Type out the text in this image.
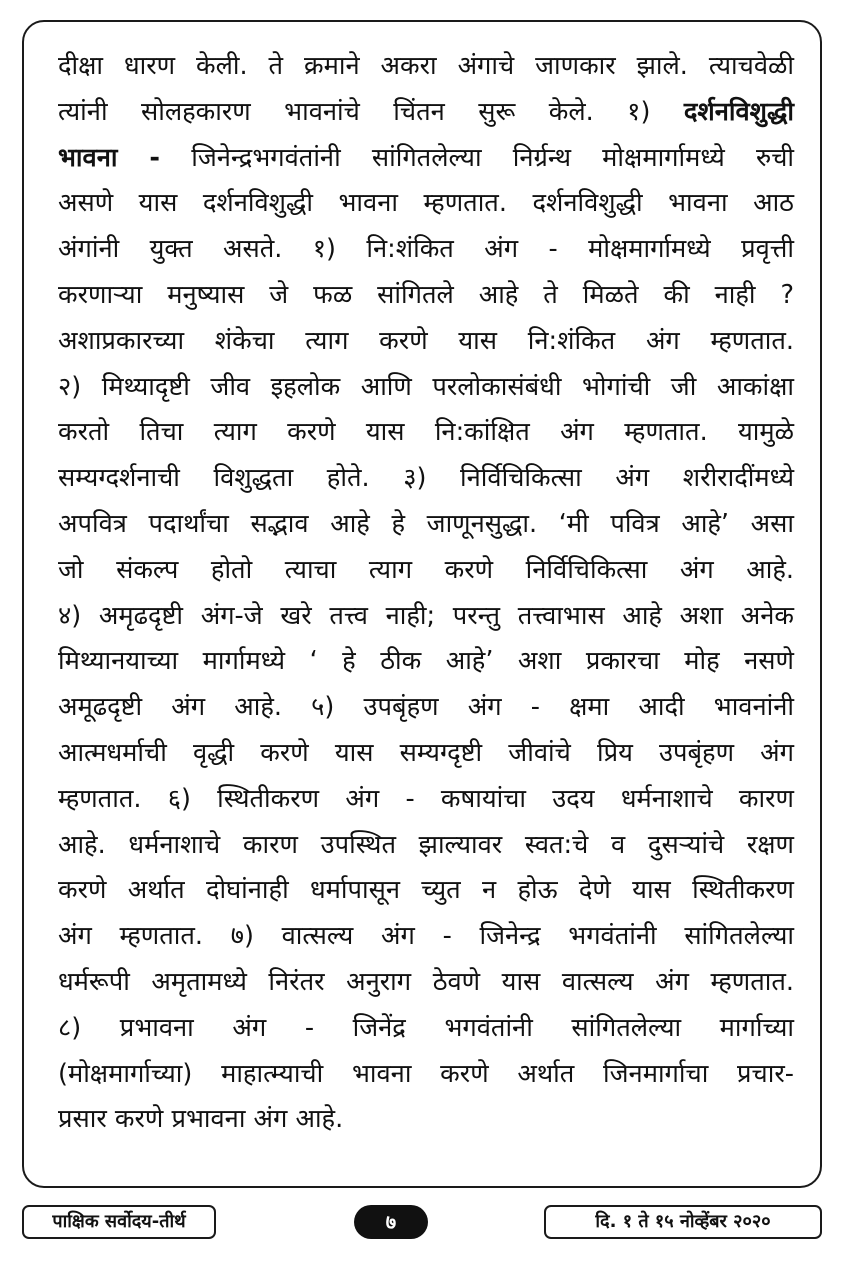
दीक्षा धारण केली. ते क्रमाने अकरा अंगाचे जाणकार झाले. त्याचवेळी
त्यांनी सोलहकारण भावनांचे चिंतन सुरू केले. १) दर्शनविशुद्धी
भावना - जिनेन्द्रभगवंतांनी सांगितलेल्या निर्ग्रन्थ मोक्षमार्गामध्ये रुची
असणे यास दर्शनविशुद्धी भावना म्हणतात. दर्शनविशुद्धी भावना आठ
अंगांनी युक्त असते. १) नि:शंकित अंग - मोक्षमार्गामध्ये प्रवृत्ती
करणाऱ्या मनुष्यास जे फळ सांगितले आहे ते मिळते की नाही ?
अशाप्रकारच्या शंकेचा त्याग करणे यास नि:शंकित अंग म्हणतात.
२) मिथ्यादृष्टी जीव इहलोक आणि परलोकासंबंधी भोगांची जी आकांक्षा
करतो तिचा त्याग करणे यास नि:कांक्षित अंग म्हणतात. यामुळे
सम्यग्दर्शनाची विशुद्धता होते. ३) निर्विचिकित्सा अंग शरीरादींमध्ये
अपवित्र पदार्थांचा सद्भाव आहे हे जाणूनसुद्धा. ‘मी पवित्र आहे’ असा
जो संकल्प होतो त्याचा त्याग करणे निर्विचिकित्सा अंग आहे.
४) अमृढदृष्टी अंग-जे खरे तत्त्व नाही; परन्तु तत्त्वाभास आहे अशा अनेक
मिथ्यानयाच्या मार्गामध्ये ‘ हे ठीक आहे’ अशा प्रकारचा मोह नसणे
अमूढदृष्टी अंग आहे. ५) उपबृंहण अंग - क्षमा आदी भावनांनी
आत्मधर्माची वृद्धी करणे यास सम्यग्दृष्टी जीवांचे प्रिय उपबृंहण अंग
म्हणतात. ६) स्थितीकरण अंग - कषायांचा उदय धर्मनाशाचे कारण
आहे. धर्मनाशाचे कारण उपस्थित झाल्यावर स्वत:चे व दुसऱ्यांचे रक्षण
करणे अर्थात दोघांनाही धर्मापासून च्युत न होऊ देणे यास स्थितीकरण
अंग म्हणतात. ७) वात्सल्य अंग - जिनेन्द्र भगवंतांनी सांगितलेल्या
धर्मरूपी अमृतामध्ये निरंतर अनुराग ठेवणे यास वात्सल्य अंग म्हणतात.
८) प्रभावना अंग - जिनेंद्र भगवंतांनी सांगितलेल्या मार्गाच्या
(मोक्षमार्गाच्या) माहात्म्याची भावना करणे अर्थात जिनमार्गाचा प्रचार-
प्रसार करणे प्रभावना अंग आहे.
पाक्षिक सर्वोदय-तीर्थ	७	दि. १ ते १५ नोव्हेंबर २०२०
